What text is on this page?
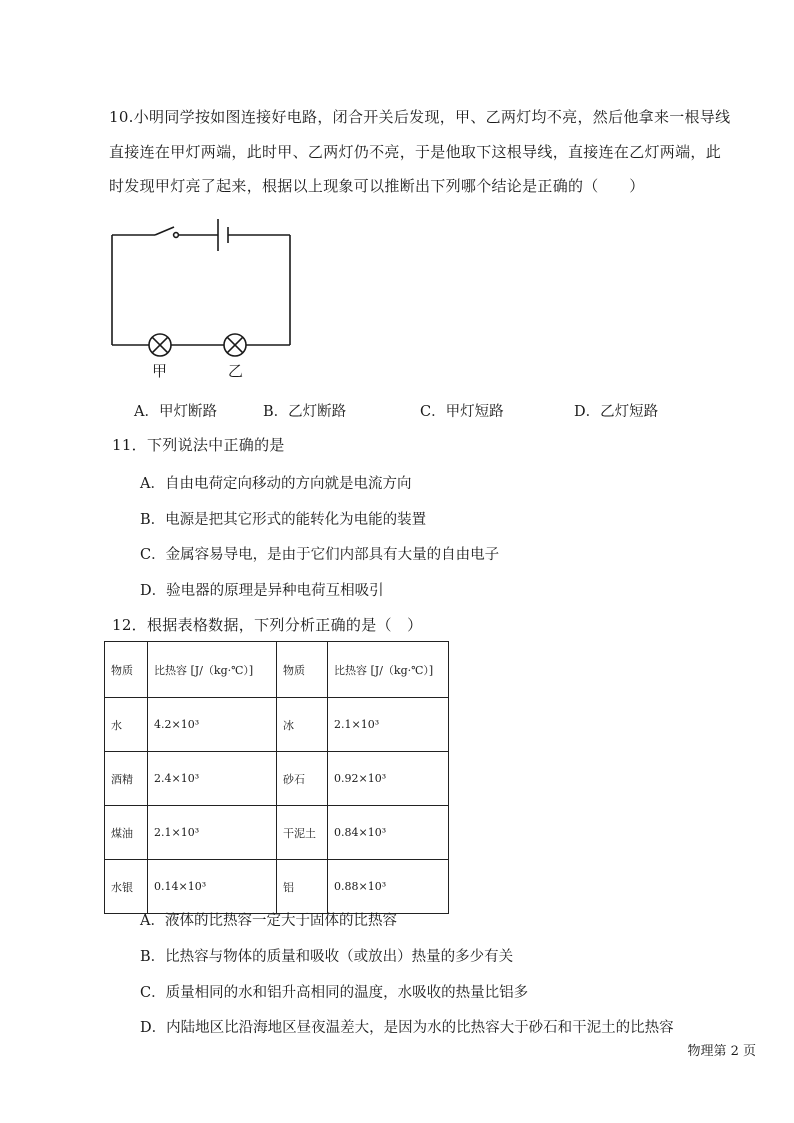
10.小明同学按如图连接好电路，闭合开关后发现，甲、乙两灯均不亮，然后他拿来一根导线
直接连在甲灯两端，此时甲、乙两灯仍不亮，于是他取下这根导线，直接连在乙灯两端，此
时发现甲灯亮了起来，根据以上现象可以推断出下列哪个结论是正确的（　　）
甲	乙
A．甲灯断路	B．乙灯断路	C．甲灯短路	D．乙灯短路
11．下列说法中正确的是
A．自由电荷定向移动的方向就是电流方向
B．电源是把其它形式的能转化为电能的装置
C．金属容易导电，是由于它们内部具有大量的自由电子
D．验电器的原理是异种电荷互相吸引
12．根据表格数据，下列分析正确的是（　）
物质	比热容 [J/（kg·℃）]	物质	比热容 [J/（kg·℃）]
水	4.2×10³	冰	2.1×10³
酒精	2.4×10³	砂石	0.92×10³
煤油	2.1×10³	干泥土	0.84×10³
水银	0.14×10³	铝	0.88×10³
A．液体的比热容一定大于固体的比热容
B．比热容与物体的质量和吸收（或放出）热量的多少有关
C．质量相同的水和铝升高相同的温度，水吸收的热量比铝多
D．内陆地区比沿海地区昼夜温差大，是因为水的比热容大于砂石和干泥土的比热容
物理第 2 页
